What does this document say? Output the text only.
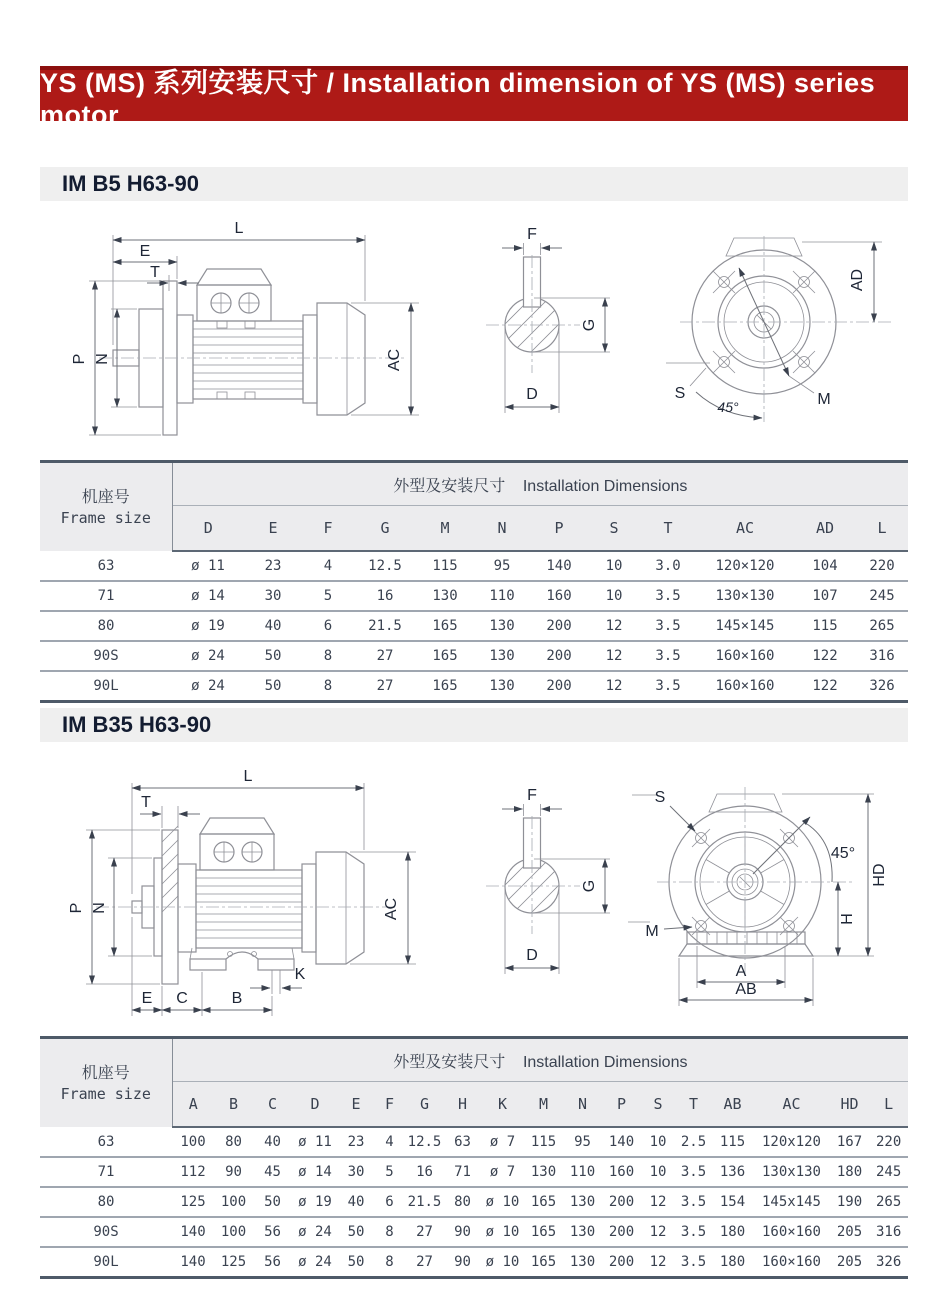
YS (MS) 系列安装尺寸 / Installation dimension of YS (MS) series motor
IM B5 H63-90
L
E
T
P N	AC
F
G
D
AD
M
S
45°
机座号
Frame size	外型及安装尺寸 Installation Dimensions											
	D	E	F	G	M	N	P	S	T	AC	AD	L
63	ø 11	23	4	12.5	115	95	140	10	3.0	120×120	104	220
71	ø 14	30	5	16	130	110	160	10	3.5	130×130	107	245
80	ø 19	40	6	21.5	165	130	200	12	3.5	145×145	115	265
90S	ø 24	50	8	27	165	130	200	12	3.5	160×160	122	316
90L	ø 24	50	8	27	165	130	200	12	3.5	160×160	122	326
IM B35 H63-90
L
T
P N	AC
E C	B
K
F
G
D
S
M
45°
HD
H
A
AB
机座号
Frame size	外型及安装尺寸 Installation Dimensions																	
	A	B	C	D	E	F	G	H	K	M	N	P	S	T	AB	AC	HD	L
63	100	80	40	ø 11	23	4	12.5	63	ø 7	115	95	140	10	2.5	115	120x120	167	220
71	112	90	45	ø 14	30	5	16	71	ø 7	130	110	160	10	3.5	136	130x130	180	245
80	125	100	50	ø 19	40	6	21.5	80	ø 10	165	130	200	12	3.5	154	145x145	190	265
90S	140	100	56	ø 24	50	8	27	90	ø 10	165	130	200	12	3.5	180	160×160	205	316
90L	140	125	56	ø 24	50	8	27	90	ø 10	165	130	200	12	3.5	180	160×160	205	326
